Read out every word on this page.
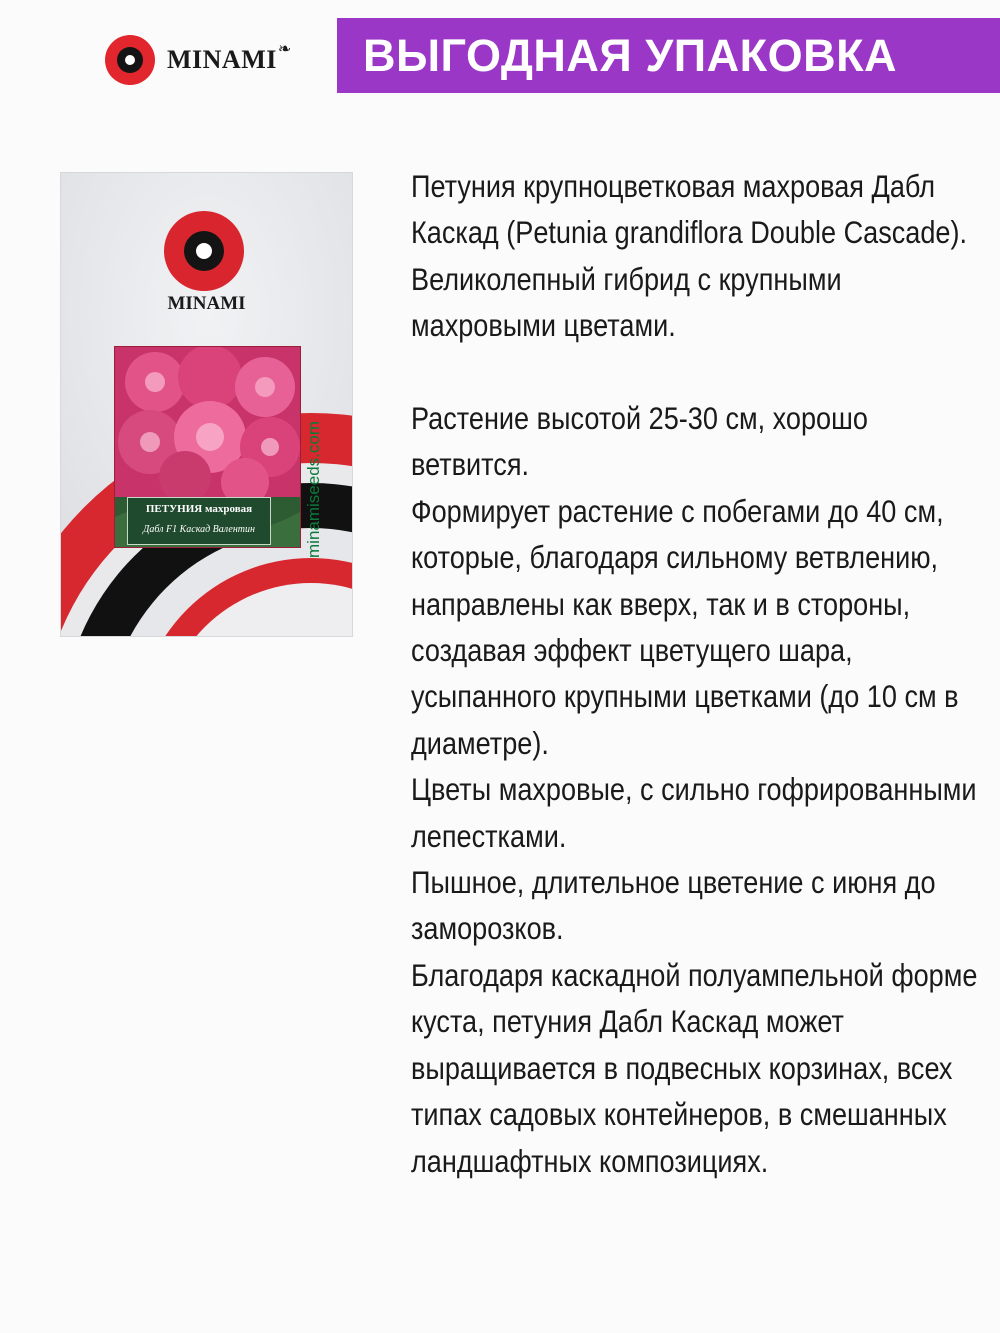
MINAMI ❧ ВЫГОДНАЯ УПАКОВКА
MINAMI
ПЕТУНИЯ махровая
Дабл F1 Каскад Валентин	minamiseeds.com

Петуния крупноцветковая махровая Дабл Каскад (Petunia grandiflora Double Cascade). Великолепный гибрид с крупными махровыми цветами.

Растение высотой 25-30 см, хорошо ветвится.

Формирует растение с побегами до 40 см, которые, благодаря сильному ветвлению, направлены как вверх, так и в стороны, создавая эффект цветущего шара, усыпанного крупными цветками (до 10 см в диаметре).

Цветы махровые, с сильно гофрированными лепестками.

Пышное, длительное цветение с июня до заморозков.

Благодаря каскадной полуампельной форме куста, петуния Дабл Каскад может выращивается в подвесных корзинах, всех типах садовых контейнеров, в смешанных ландшафтных композициях.
